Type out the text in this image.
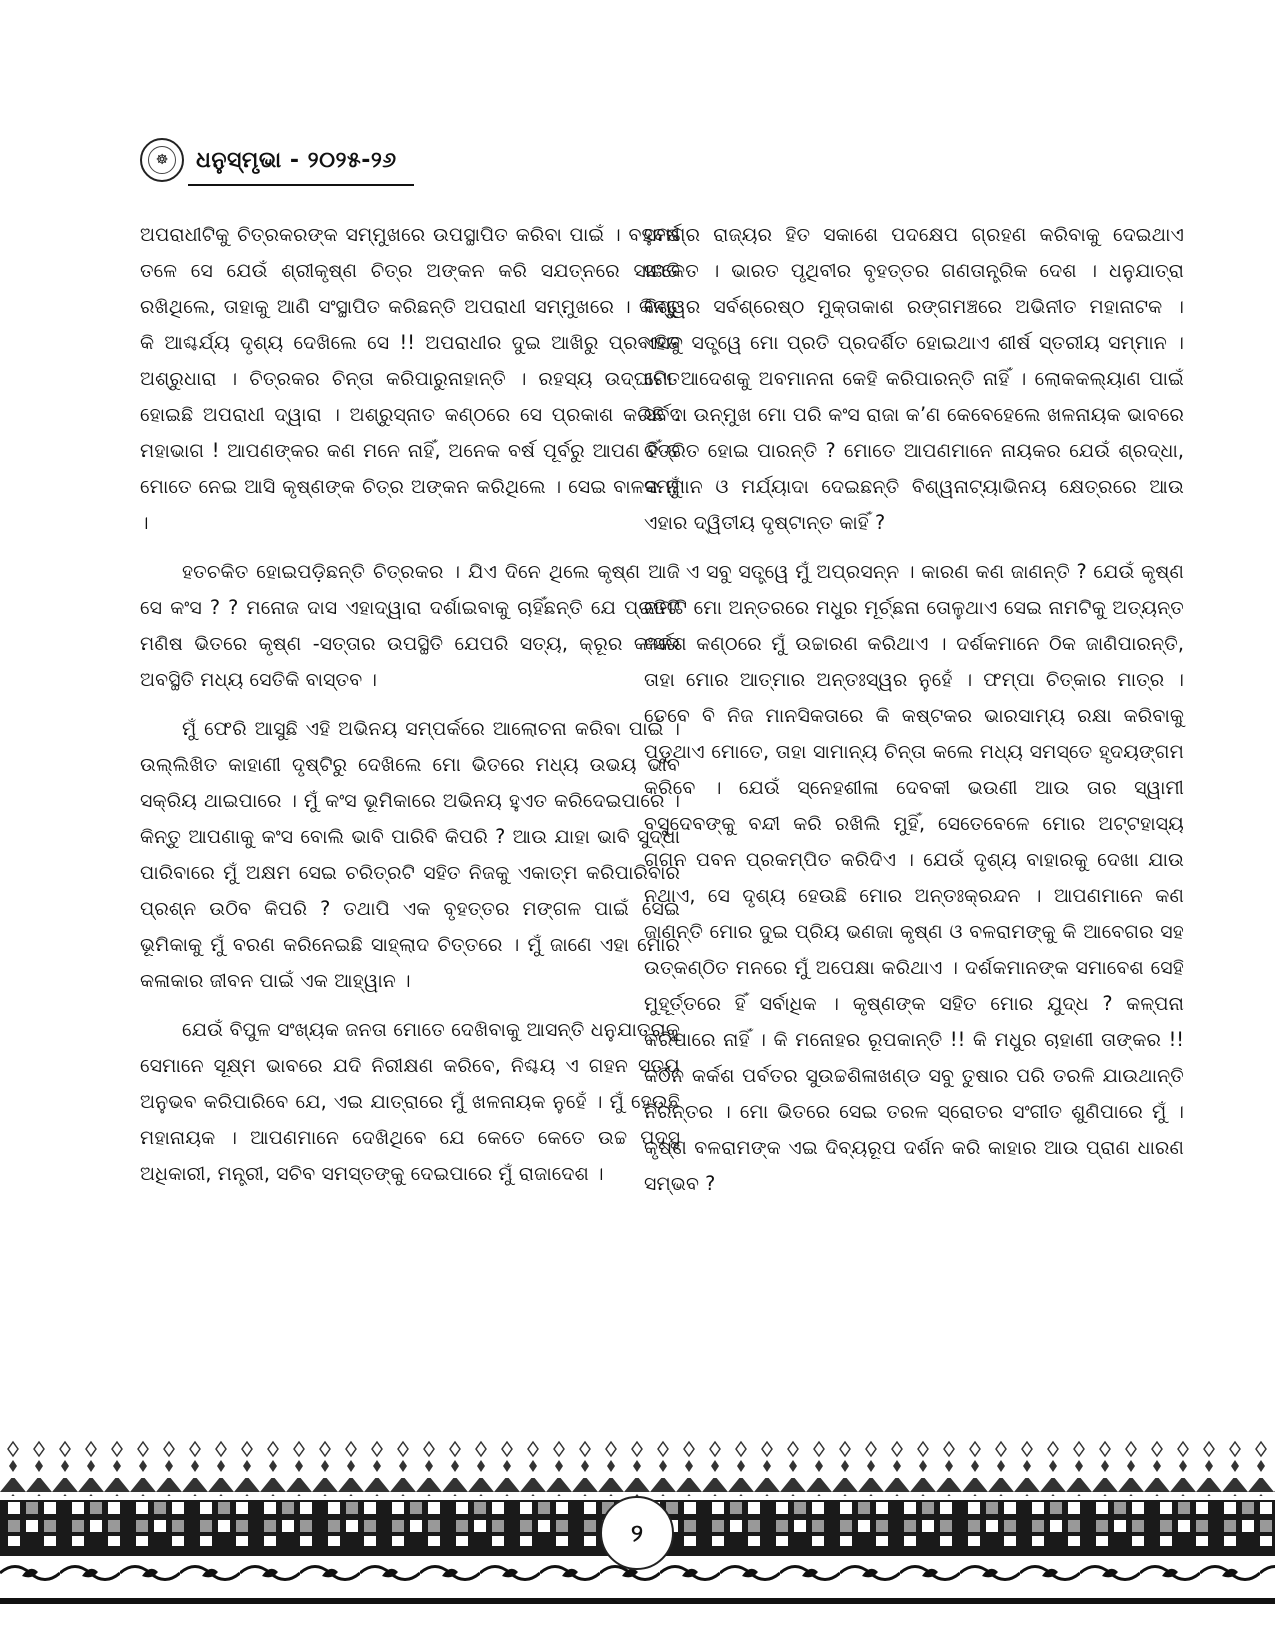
☸	ଧନୁସ୍ମୃଭା - ୨୦୨୫-୨୬

ଅପରାଧୀଟିକୁ ଚିତ୍ରକରଙ୍କ ସମ୍ମୁଖରେ ଉପସ୍ଥାପିତ କରିବା ପାଇଁ । ବହୁବର୍ଷ ତଳେ ସେ ଯେଉଁ ଶ୍ରୀକୃଷ୍ଣ ଚିତ୍ର ଅଙ୍କନ କରି ସଯତ୍ନରେ ସାଇତି ରଖିଥିଲେ, ତାହାକୁ ଆଣି ସଂସ୍ଥାପିତ କରିଛନ୍ତି ଅପରାଧୀ ସମ୍ମୁଖରେ । କିନ୍ତୁ କି ଆଶ୍ଚର୍ଯ୍ୟ ଦୃଶ୍ୟ ଦେଖିଲେ ସେ !! ଅପରାଧୀର ଦୁଇ ଆଖିରୁ ପ୍ରବାହିତ ଅଶ୍ରୁଧାରା । ଚିତ୍ରକର ଚିନ୍ତା କରିପାରୁନାହାନ୍ତି । ରହସ୍ୟ ଉଦ୍‌ଘାଟିତ ହୋଇଛି ଅପରାଧୀ ଦ୍ୱାରା । ଅଶ୍ରୁସ୍ନାତ କଣ୍ଠରେ ସେ ପ୍ରକାଶ କରିଛି : ମହାଭାଗ ! ଆପଣଙ୍କର କଣ ମନେ ନାହିଁ, ଅନେକ ବର୍ଷ ପୂର୍ବରୁ ଆପଣ ହିଁ ତ ମୋତେ ନେଇ ଆସି କୃଷ୍ଣଙ୍କ ଚିତ୍ର ଅଙ୍କନ କରିଥିଲେ । ସେଇ ବାଳକ ମୁଁ ।

ହତଚକିତ ହୋଇପଡ଼ିଛନ୍ତି ଚିତ୍ରକର । ଯିଏ ଦିନେ ଥିଲେ କୃଷ୍ଣ ଆଜି ସେ କଂସ ? ? ମନୋଜ ଦାସ ଏହାଦ୍ୱାରା ଦର୍ଶାଇବାକୁ ଚାହିଁଛନ୍ତି ଯେ ପ୍ରତିଟି ମଣିଷ ଭିତରେ କୃଷ୍ଣ -ସତ୍ତାର ଉପସ୍ଥିତି ଯେପରି ସତ୍ୟ, କ୍ରୂର କଂସର ଅବସ୍ଥିତି ମଧ୍ୟ ସେତିକି ବାସ୍ତବ ।

ମୁଁ ଫେରି ଆସୁଛି ଏହି ଅଭିନୟ ସମ୍ପର୍କରେ ଆଲୋଚନା କରିବା ପାଇଁ । ଉଲ୍ଲିଖିତ କାହାଣୀ ଦୃଷ୍ଟିରୁ ଦେଖିଲେ ମୋ ଭିତରେ ମଧ୍ୟ ଉଭୟ ଭାବ ସକ୍ରିୟ ଥାଇପାରେ । ମୁଁ କଂସ ଭୂମିକାରେ ଅଭିନୟ ହୁଏତ କରିଦେଇପାରେ । କିନ୍ତୁ ଆପଣାକୁ କଂସ ବୋଲି ଭାବି ପାରିବି କିପରି ? ଆଉ ଯାହା ଭାବି ସୁଦ୍ଧା ପାରିବାରେ ମୁଁ ଅକ୍ଷମ ସେଇ ଚରିତ୍ରଟି ସହିତ ନିଜକୁ ଏକାତ୍ମ କରିପାରିବାର ପ୍ରଶ୍ନ ଉଠିବ କିପରି ? ତଥାପି ଏକ ବୃହତ୍ତର ମଙ୍ଗଳ ପାଇଁ ସେଇ ଭୂମିକାକୁ ମୁଁ ବରଣ କରିନେଇଛି ସାହ୍ଲାଦ ଚିତ୍ତରେ । ମୁଁ ଜାଣେ ଏହା ମୋର କଳାକାର ଜୀବନ ପାଇଁ ଏକ ଆହ୍ୱାନ ।

ଯେଉଁ ବିପୁଳ ସଂଖ୍ୟକ ଜନତା ମୋତେ ଦେଖିବାକୁ ଆସନ୍ତି ଧନୁଯାତ୍ରାକୁ ସେମାନେ ସୂକ୍ଷ୍ମ ଭାବରେ ଯଦି ନିରୀକ୍ଷଣ କରିବେ, ନିଶ୍ଚୟ ଏ ଗହନ ସତ୍ୟ ଅନୁଭବ କରିପାରିବେ ଯେ, ଏଇ ଯାତ୍ରାରେ ମୁଁ ଖଳନାୟକ ନୁହେଁ । ମୁଁ ହେଉଛି ମହାନାୟକ । ଆପଣମାନେ ଦେଖିଥିବେ ଯେ କେତେ କେତେ ଉଚ୍ଚ ପଦସ୍ଥ ଅଧିକାରୀ, ମନ୍ତ୍ରୀ, ସଚିବ ସମସ୍ତଙ୍କୁ ଦେଇପାରେ ମୁଁ ରାଜାଦେଶ ।

ସମଗ୍ର ରାଜ୍ୟର ହିତ ସକାଶେ ପଦକ୍ଷେପ ଗ୍ରହଣ କରିବାକୁ ଦେଇଥାଏ ସଂକେତ । ଭାରତ ପୃଥିବୀର ବୃହତ୍ତର ଗଣତାନ୍ତ୍ରିକ ଦେଶ । ଧନୁଯାତ୍ରା ବିଶ୍ୱର ସର୍ବଶ୍ରେଷ୍ଠ ମୁକ୍ତାକାଶ ରଙ୍ଗମଞ୍ଚରେ ଅଭିନୀତ ମହାନାଟକ । ଏସବୁ ସତ୍ତ୍ୱେ ମୋ ପ୍ରତି ପ୍ରଦର୍ଶିତ ହୋଇଥାଏ ଶୀର୍ଷ ସ୍ତରୀୟ ସମ୍ମାନ । ମୋ ଆଦେଶକୁ ଅବମାନନା କେହି କରିପାରନ୍ତି ନାହିଁ । ଲୋକକଲ୍ୟାଣ ପାଇଁ ସର୍ବଦା ଉନ୍ମୁଖ ମୋ ପରି କଂସ ରାଜା କ’ଣ କେବେହେଲେ ଖଳନାୟକ ଭାବରେ ଚିତ୍ରିତ ହୋଇ ପାରନ୍ତି ? ମୋତେ ଆପଣମାନେ ନାୟକର ଯେଉଁ ଶ୍ରଦ୍ଧା, ସମ୍ମାନ ଓ ମର୍ଯ୍ୟାଦା ଦେଇଛନ୍ତି ବିଶ୍ୱନାଟ୍ୟାଭିନୟ କ୍ଷେତ୍ରରେ ଆଉ ଏହାର ଦ୍ୱିତୀୟ ଦୃଷ୍ଟାନ୍ତ କାହିଁ ?

ଏ ସବୁ ସତ୍ତ୍ୱେ ମୁଁ ଅପ୍ରସନ୍ନ । କାରଣ କଣ ଜାଣନ୍ତି ? ଯେଉଁ କୃଷ୍ଣ ନାମଟି ମୋ ଅନ୍ତରରେ ମଧୁର ମୂର୍ଚ୍ଛନା ତୋଳୁଥାଏ ସେଇ ନାମଟିକୁ ଅତ୍ୟନ୍ତ କର୍କଶ କଣ୍ଠରେ ମୁଁ ଉଚ୍ଚାରଣ କରିଥାଏ । ଦର୍ଶକମାନେ ଠିକ ଜାଣିପାରନ୍ତି, ତାହା ମୋର ଆତ୍ମାର ଅନ୍ତଃସ୍ୱର ନୁହେଁ । ଫମ୍ପା ଚିତ୍କାର ମାତ୍ର । ତେବେ ବି ନିଜ ମାନସିକତାରେ କି କଷ୍ଟକର ଭାରସାମ୍ୟ ରକ୍ଷା କରିବାକୁ ପଡୁଥାଏ ମୋତେ, ତାହା ସାମାନ୍ୟ ଚିନ୍ତା କଲେ ମଧ୍ୟ ସମସ୍ତେ ହୃଦୟଙ୍ଗମ କରିବେ । ଯେଉଁ ସ୍ନେହଶୀଳା ଦେବକୀ ଭଉଣୀ ଆଉ ତାର ସ୍ୱାମୀ ବସୁଦେବଙ୍କୁ ବନ୍ଦୀ କରି ରଖିଲି ମୁହିଁ, ସେତେବେଳେ ମୋର ଅଟ୍ଟହାସ୍ୟ ଗଗନ ପବନ ପ୍ରକମ୍ପିତ କରିଦିଏ । ଯେଉଁ ଦୃଶ୍ୟ ବାହାରକୁ ଦେଖା ଯାଉ ନଥାଏ, ସେ ଦୃଶ୍ୟ ହେଉଛି ମୋର ଅନ୍ତଃକ୍ରନ୍ଦନ । ଆପଣମାନେ କଣ ଜାଣନ୍ତି ମୋର ଦୁଇ ପ୍ରିୟ ଭଣଜା କୃଷ୍ଣ ଓ ବଳରାମଙ୍କୁ କି ଆବେଗର ସହ ଉତ୍କଣ୍ଠିତ ମନରେ ମୁଁ ଅପେକ୍ଷା କରିଥାଏ । ଦର୍ଶକମାନଙ୍କ ସମାବେଶ ସେହି ମୁହୂର୍ତ୍ତରେ ହିଁ ସର୍ବାଧିକ । କୃଷ୍ଣଙ୍କ ସହିତ ମୋର ଯୁଦ୍ଧ ? କଳ୍ପନା କରିପାରେ ନାହିଁ । କି ମନୋହର ରୂପକାନ୍ତି !! କି ମଧୁର ଚାହାଣୀ ତାଙ୍କର !! କଠିନ କର୍କଶ ପର୍ବତର ସୁଉଚ୍ଚଶିଳାଖଣ୍ଡ ସବୁ ତୁଷାର ପରି ତରଳି ଯାଉଥାନ୍ତି ନିରନ୍ତର । ମୋ ଭିତରେ ସେଇ ତରଳ ସ୍ରୋତର ସଂଗୀତ ଶୁଣିପାରେ ମୁଁ । କୃଷ୍ଣ ବଳରାମଙ୍କ ଏଇ ଦିବ୍ୟରୂପ ଦର୍ଶନ କରି କାହାର ଆଉ ପ୍ରାଣ ଧାରଣ ସମ୍ଭବ ?

୨
